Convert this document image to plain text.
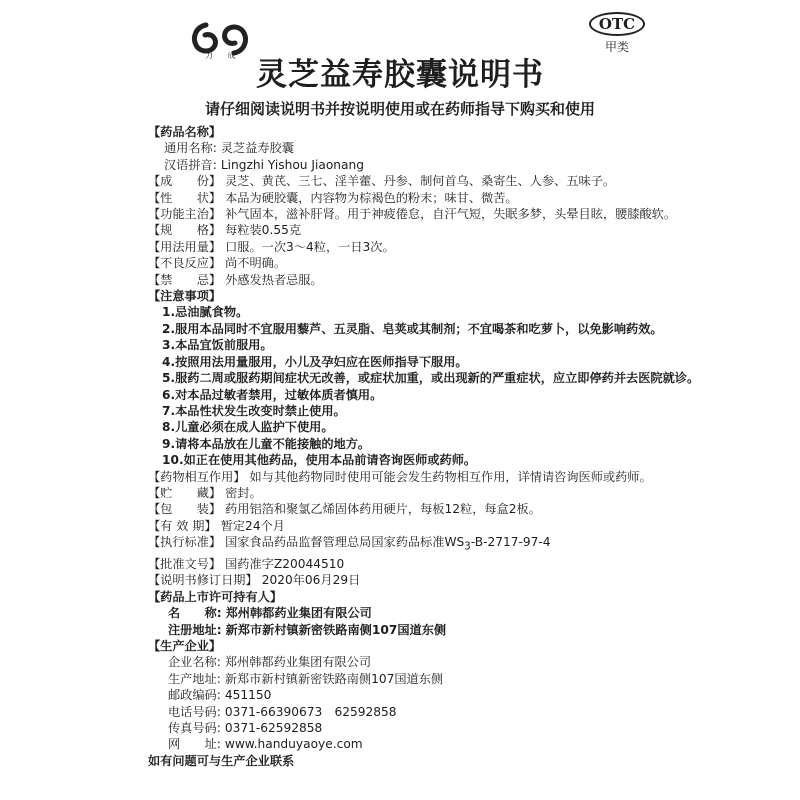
力 成
OTC
甲类
灵芝益寿胶囊说明书
请仔细阅读说明书并按说明使用或在药师指导下购买和使用
【药品名称】
通用名称: 灵芝益寿胶囊
汉语拼音: Lingzhi Yishou Jiaonang
【成　　份】 灵芝、黄芪、三七、淫羊藿、丹参、制何首乌、桑寄生、人参、五味子。
【性　　状】 本品为硬胶囊，内容物为棕褐色的粉末；味甘、微苦。
【功能主治】 补气固本，滋补肝肾。用于神疲倦怠，自汗气短，失眠多梦，头晕目眩，腰膝酸软。
【规　　格】 每粒装0.55克
【用法用量】 口服。一次3～4粒，一日3次。
【不良反应】 尚不明确。
【禁　　忌】 外感发热者忌服。
【注意事项】
1. 忌油腻食物。
2. 服用本品同时不宜服用藜芦、五灵脂、皂荚或其制剂；不宜喝茶和吃萝卜，以免影响药效。
3. 本品宜饭前服用。
4. 按照用法用量服用，小儿及孕妇应在医师指导下服用。
5. 服药二周或服药期间症状无改善，或症状加重，或出现新的严重症状，应立即停药并去医院就诊。
6. 对本品过敏者禁用，过敏体质者慎用。
7. 本品性状发生改变时禁止使用。
8. 儿童必须在成人监护下使用。
9. 请将本品放在儿童不能接触的地方。
10. 如正在使用其他药品，使用本品前请咨询医师或药师。
【药物相互作用】 如与其他药物同时使用可能会发生药物相互作用，详情请咨询医师或药师。
【贮　　藏】 密封。
【包　　装】 药用铝箔和聚氯乙烯固体药用硬片，每板12粒，每盒2板。
【有 效 期】 暂定24个月
【执行标准】 国家食品药品监督管理总局国家药品标准$WS_3-B-2717-97-4$
【批准文号】 国药准字Z20044510
【说明书修订日期】 2020年06月29日
【药品上市许可持有人】
名　　称: 郑州韩都药业集团有限公司
注册地址: 新郑市新村镇新密铁路南侧107国道东侧
【生产企业】
企业名称: 郑州韩都药业集团有限公司
生产地址: 新郑市新村镇新密铁路南侧107国道东侧
邮政编码: 451150
电话号码: 0371-66390673　62592858
传真号码: 0371-62592858
网　　址: www.handuyaoye.com
如有问题可与生产企业联系
